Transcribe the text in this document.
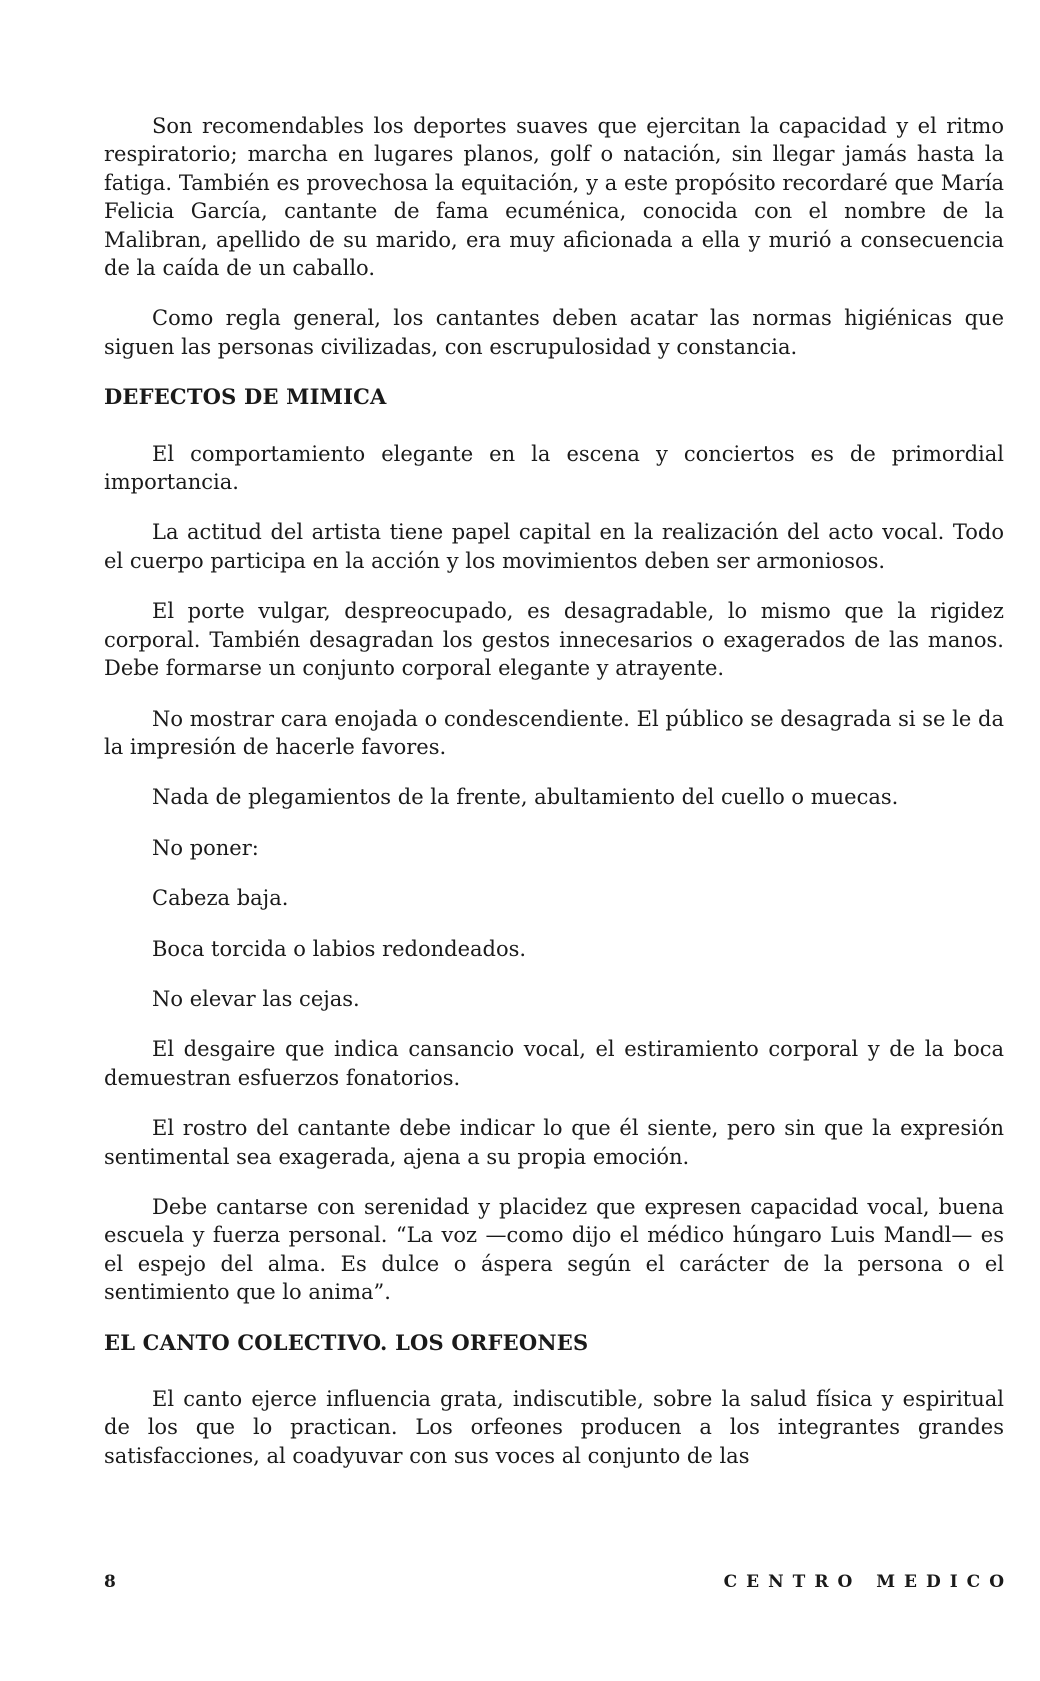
Son recomendables los deportes suaves que ejercitan la capacidad y el ritmo respiratorio; marcha en lugares planos, golf o natación, sin llegar jamás hasta la fatiga. También es provechosa la equitación, y a este propósito recordaré que María Felicia García, cantante de fama ecuménica, conocida con el nombre de la Malibran, apellido de su marido, era muy aficionada a ella y murió a consecuencia de la caída de un caballo.

Como regla general, los cantantes deben acatar las normas higiénicas que siguen las personas civilizadas, con escrupulosidad y constancia.

DEFECTOS DE MIMICA

El comportamiento elegante en la escena y conciertos es de primordial importancia.

La actitud del artista tiene papel capital en la realización del acto vocal. Todo el cuerpo participa en la acción y los movimientos deben ser armoniosos.

El porte vulgar, despreocupado, es desagradable, lo mismo que la rigidez corporal. También desagradan los gestos innecesarios o exagerados de las manos. Debe formarse un conjunto corporal elegante y atrayente.

No mostrar cara enojada o condescendiente. El público se desagrada si se le da la impresión de hacerle favores.

Nada de plegamientos de la frente, abultamiento del cuello o muecas.

No poner:

Cabeza baja.

Boca torcida o labios redondeados.

No elevar las cejas.

El desgaire que indica cansancio vocal, el estiramiento corporal y de la boca demuestran esfuerzos fonatorios.

El rostro del cantante debe indicar lo que él siente, pero sin que la expresión sentimental sea exagerada, ajena a su propia emoción.

Debe cantarse con serenidad y placidez que expresen capacidad vocal, buena escuela y fuerza personal. “La voz —como dijo el médico húngaro Luis Mandl— es el espejo del alma. Es dulce o áspera según el carácter de la persona o el sentimiento que lo anima”.

EL CANTO COLECTIVO. LOS ORFEONES

El canto ejerce influencia grata, indiscutible, sobre la salud física y espiritual de los que lo practican. Los orfeones producen a los integrantes grandes satisfacciones, al coadyuvar con sus voces al conjunto de las

8	CENTRO MEDICO
